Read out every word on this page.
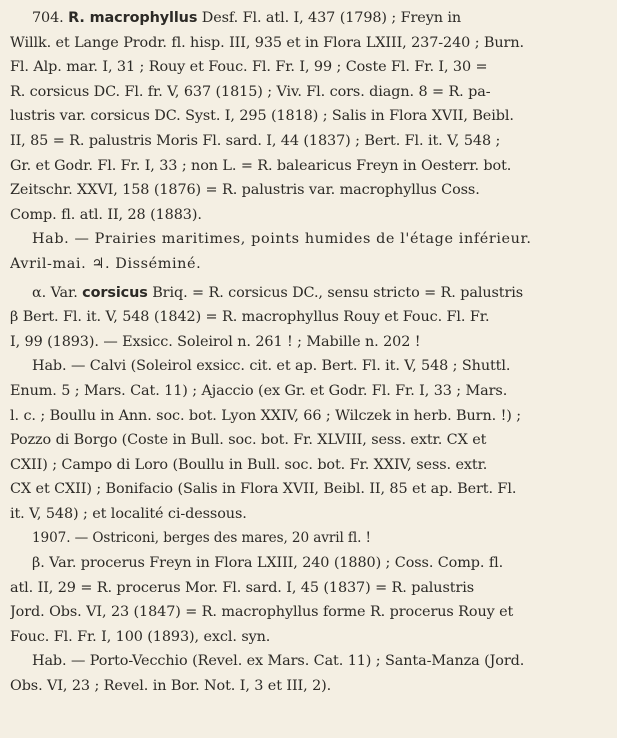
704. R. macrophyllus Desf. Fl. atl. I, 437 (1798) ; Freyn in
Willk. et Lange Prodr. fl. hisp. III, 935 et in Flora LXIII, 237-240 ; Burn.
Fl. Alp. mar. I, 31 ; Rouy et Fouc. Fl. Fr. I, 99 ; Coste Fl. Fr. I, 30 =
R. corsicus DC. Fl. fr. V, 637 (1815) ; Viv. Fl. cors. diagn. 8 = R. pa-
lustris var. corsicus DC. Syst. I, 295 (1818) ; Salis in Flora XVII, Beibl.
II, 85 = R. palustris Moris Fl. sard. I, 44 (1837) ; Bert. Fl. it. V, 548 ;
Gr. et Godr. Fl. Fr. I, 33 ; non L. = R. balearicus Freyn in Oesterr. bot.
Zeitschr. XXVI, 158 (1876) = R. palustris var. macrophyllus Coss.
Comp. fl. atl. II, 28 (1883).
Hab. — Prairies maritimes, points humides de l'étage inférieur.
Avril-mai. ♃. Disséminé.
α. Var. corsicus Briq. = R. corsicus DC., sensu stricto = R. palustris
β Bert. Fl. it. V, 548 (1842) = R. macrophyllus Rouy et Fouc. Fl. Fr.
I, 99 (1893). — Exsicc. Soleirol n. 261 ! ; Mabille n. 202 !
Hab. — Calvi (Soleirol exsicc. cit. et ap. Bert. Fl. it. V, 548 ; Shuttl.
Enum. 5 ; Mars. Cat. 11) ; Ajaccio (ex Gr. et Godr. Fl. Fr. I, 33 ; Mars.
l. c. ; Boullu in Ann. soc. bot. Lyon XXIV, 66 ; Wilczek in herb. Burn. !) ;
Pozzo di Borgo (Coste in Bull. soc. bot. Fr. XLVIII, sess. extr. CX et
CXII) ; Campo di Loro (Boullu in Bull. soc. bot. Fr. XXIV, sess. extr.
CX et CXII) ; Bonifacio (Salis in Flora XVII, Beibl. II, 85 et ap. Bert. Fl.
it. V, 548) ; et localité ci-dessous.
1907. — Ostriconi, berges des mares, 20 avril fl. !
β. Var. procerus Freyn in Flora LXIII, 240 (1880) ; Coss. Comp. fl.
atl. II, 29 = R. procerus Mor. Fl. sard. I, 45 (1837) = R. palustris
Jord. Obs. VI, 23 (1847) = R. macrophyllus forme R. procerus Rouy et
Fouc. Fl. Fr. I, 100 (1893), excl. syn.
Hab. — Porto-Vecchio (Revel. ex Mars. Cat. 11) ; Santa-Manza (Jord.
Obs. VI, 23 ; Revel. in Bor. Not. I, 3 et III, 2).
